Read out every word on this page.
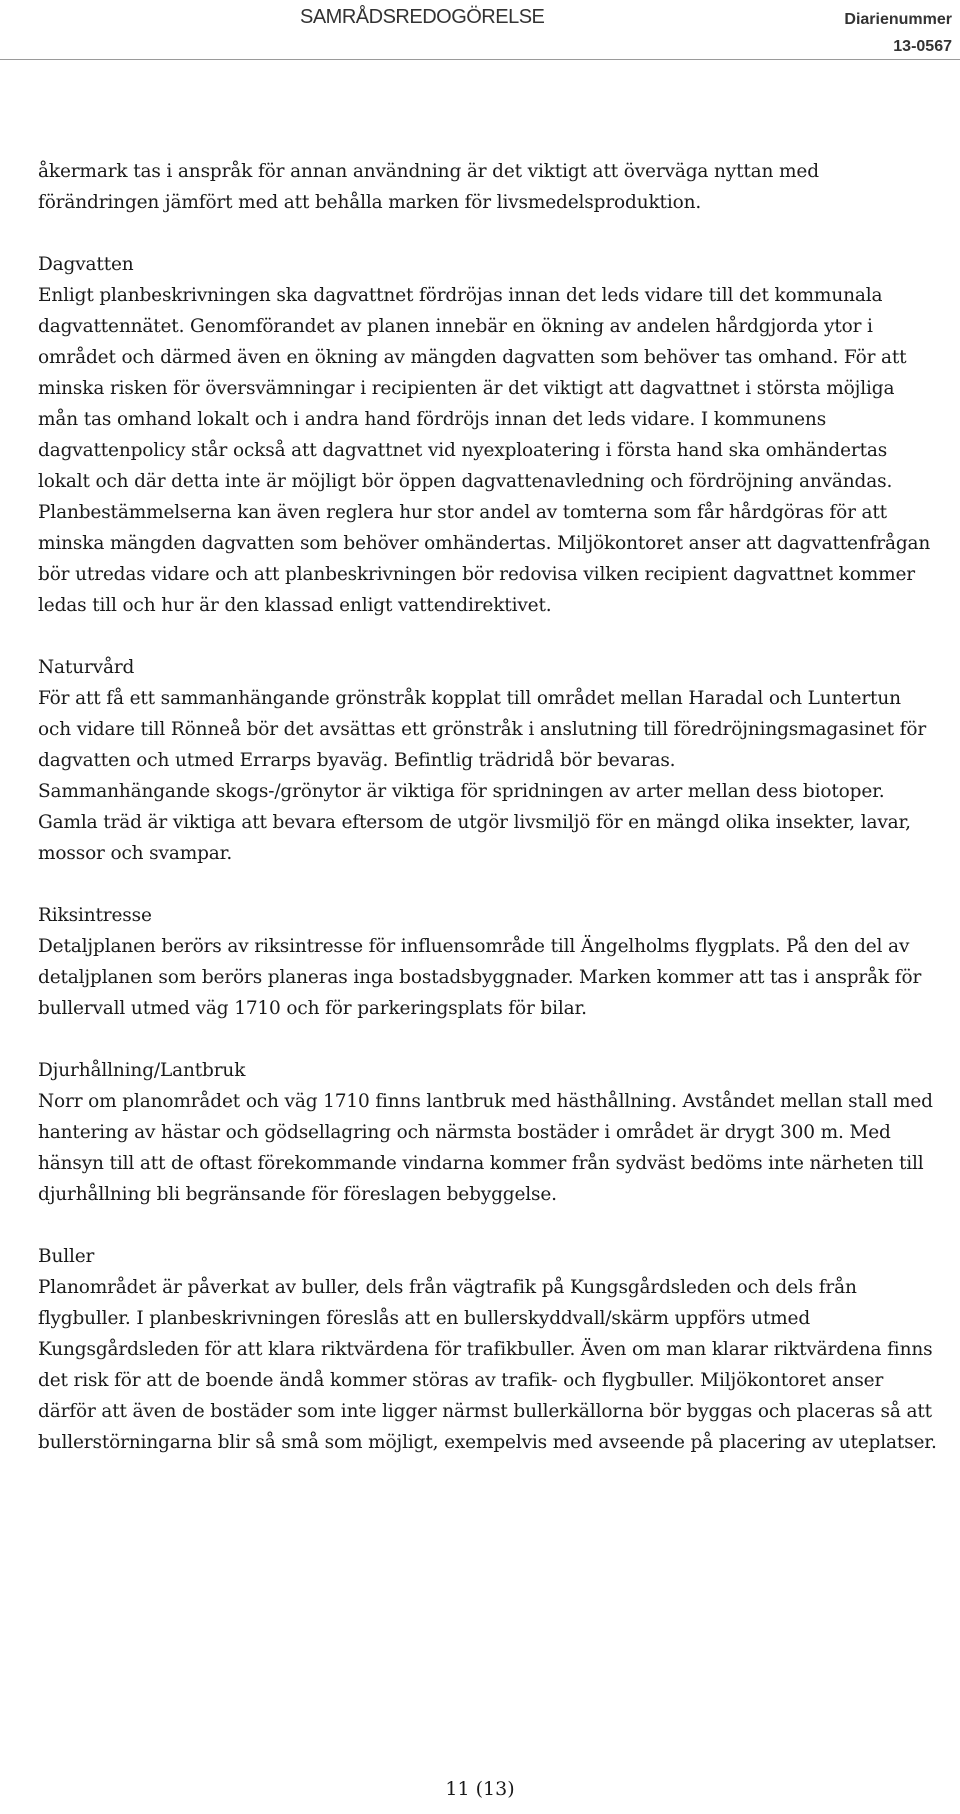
SAMRÅDSREDOGÖRELSE	Diarienummer
13-0567

åkermark tas i anspråk för annan användning är det viktigt att överväga nyttan med förändringen jämfört med att behålla marken för livsmedelsproduktion.

Dagvatten

Enligt planbeskrivningen ska dagvattnet fördröjas innan det leds vidare till det kommunala dagvattennätet. Genomförandet av planen innebär en ökning av andelen hårdgjorda ytor i området och därmed även en ökning av mängden dagvatten som behöver tas omhand. För att minska risken för översvämningar i recipienten är det viktigt att dagvattnet i största möjliga mån tas omhand lokalt och i andra hand fördröjs innan det leds vidare. I kommunens dagvattenpolicy står också att dagvattnet vid nyexploatering i första hand ska omhändertas lokalt och där detta inte är möjligt bör öppen dagvattenavledning och fördröjning användas. Planbestämmelserna kan även reglera hur stor andel av tomterna som får hårdgöras för att minska mängden dagvatten som behöver omhändertas. Miljökontoret anser att dagvattenfrågan bör utredas vidare och att planbeskrivningen bör redovisa vilken recipient dagvattnet kommer ledas till och hur är den klassad enligt vattendirektivet.

Naturvård

För att få ett sammanhängande grönstråk kopplat till området mellan Haradal och Luntertun och vidare till Rönneå bör det avsättas ett grönstråk i anslutning till föredröjningsmagasinet för dagvatten och utmed Errarps byaväg. Befintlig trädridå bör bevaras.

Sammanhängande skogs-/grönytor är viktiga för spridningen av arter mellan dess biotoper. Gamla träd är viktiga att bevara eftersom de utgör livsmiljö för en mängd olika insekter, lavar, mossor och svampar.

Riksintresse

Detaljplanen berörs av riksintresse för influensområde till Ängelholms flygplats. På den del av detaljplanen som berörs planeras inga bostadsbyggnader. Marken kommer att tas i anspråk för bullervall utmed väg 1710 och för parkeringsplats för bilar.

Djurhållning/Lantbruk

Norr om planområdet och väg 1710 finns lantbruk med hästhållning. Avståndet mellan stall med hantering av hästar och gödsellagring och närmsta bostäder i området är drygt 300 m. Med hänsyn till att de oftast förekommande vindarna kommer från sydväst bedöms inte närheten till djurhållning bli begränsande för föreslagen bebyggelse.

Buller

Planområdet är påverkat av buller, dels från vägtrafik på Kungsgårdsleden och dels från flygbuller. I planbeskrivningen föreslås att en bullerskyddvall/skärm uppförs utmed Kungsgårdsleden för att klara riktvärdena för trafikbuller. Även om man klarar riktvärdena finns det risk för att de boende ändå kommer störas av trafik- och flygbuller. Miljökontoret anser därför att även de bostäder som inte ligger närmst bullerkällorna bör byggas och placeras så att bullerstörningarna blir så små som möjligt, exempelvis med avseende på placering av uteplatser.

11 (13)
